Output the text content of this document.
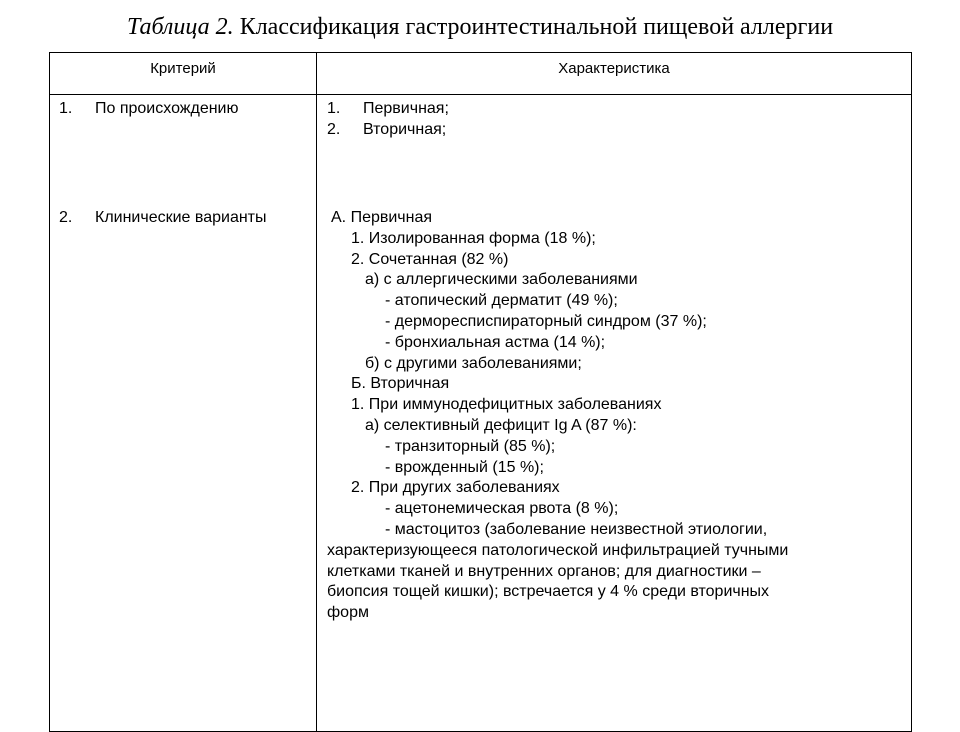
Таблица 2. Классификация гастроинтестинальной пищевой аллергии
Критерий	Характеристика
1. По происхождению
2. Клинические варианты
1. Первичная;
2. Вторичная;
А. Первичная
1. Изолированная форма (18 %);
2. Сочетанная (82 %)
а) с аллергическими заболеваниями
- атопический дерматит (49 %);
- дерморесписпираторный синдром (37 %);
- бронхиальная астма (14 %);
б) с другими заболеваниями;
Б. Вторичная
1. При иммунодефицитных заболеваниях
а) селективный дефицит Ig A (87 %):
- транзиторный (85 %);
- врожденный (15 %);
2. При других заболеваниях
- ацетонемическая рвота (8 %);
- мастоцитоз (заболевание неизвестной этиологии,
характеризующееся патологической инфильтрацией тучными
клетками тканей и внутренних органов; для диагностики –
биопсия тощей кишки); встречается у 4 % среди вторичных
форм
